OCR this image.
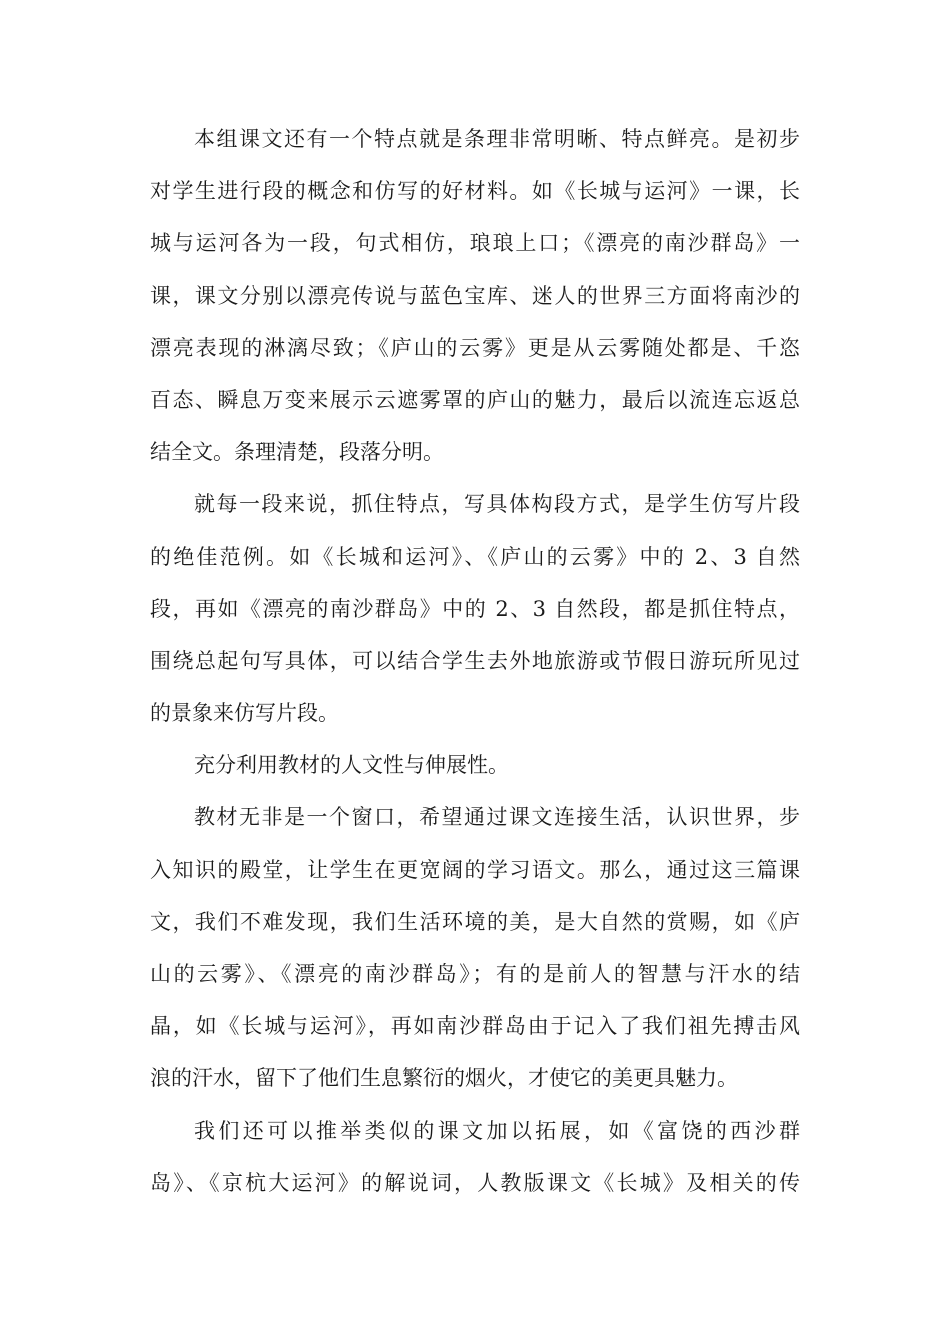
本组课文还有一个特点就是条理非常明晰、特点鲜亮。是初步
对学生进行段的概念和仿写的好材料。如《长城与运河》一课，长
城与运河各为一段，句式相仿，琅琅上口；《漂亮的南沙群岛》一
课，课文分别以漂亮传说与蓝色宝库、迷人的世界三方面将南沙的
漂亮表现的淋漓尽致；《庐山的云雾》更是从云雾随处都是、千恣
百态、瞬息万变来展示云遮雾罩的庐山的魅力，最后以流连忘返总
结全文。条理清楚，段落分明。
就每一段来说，抓住特点，写具体构段方式，是学生仿写片段
的绝佳范例。如《长城和运河》、《庐山的云雾》中的 2、3 自然
段，再如《漂亮的南沙群岛》中的 2、3 自然段，都是抓住特点，
围绕总起句写具体，可以结合学生去外地旅游或节假日游玩所见过
的景象来仿写片段。
充分利用教材的人文性与伸展性。
教材无非是一个窗口，希望通过课文连接生活，认识世界，步
入知识的殿堂，让学生在更宽阔的学习语文。那么，通过这三篇课
文，我们不难发现，我们生活环境的美，是大自然的赏赐，如《庐
山的云雾》、《漂亮的南沙群岛》；有的是前人的智慧与汗水的结
晶，如《长城与运河》，再如南沙群岛由于记入了我们祖先搏击风
浪的汗水，留下了他们生息繁衍的烟火，才使它的美更具魅力。
我们还可以推举类似的课文加以拓展，如《富饶的西沙群
岛》、《京杭大运河》的解说词，人教版课文《长城》及相关的传
